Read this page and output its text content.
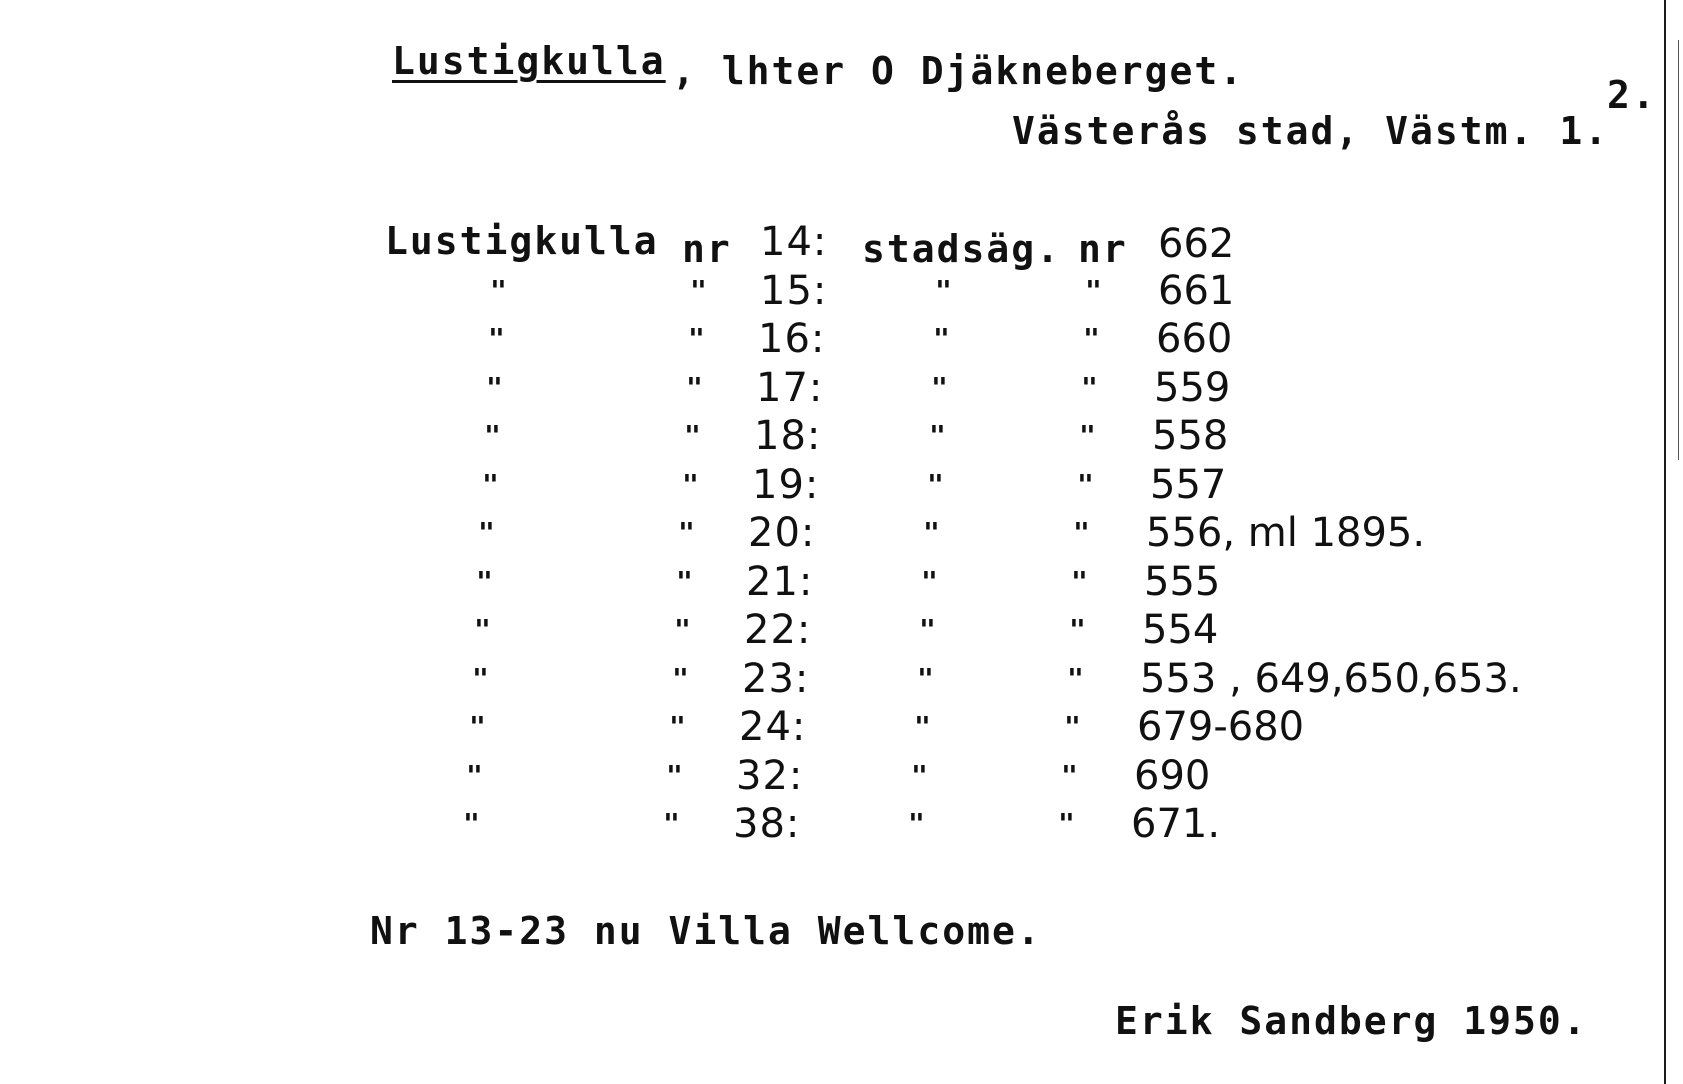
Lustigkulla , lhter O Djäkneberget.
2.
Västerås stad, Västm. 1.
Lustigkulla nr 14: stadsäg. nr 662
"	" 15:	"	" 661
"	" 16:	"	" 660
"	" 17:	"	" 559
"	" 18:	"	" 558
"	" 19:	"	" 557
"	" 20:	"	" 556, ml 1895.
"	" 21:	"	" 555
"	" 22:	"	" 554
"	" 23:	"	" 553 , 649,650,653.
"	" 24:	"	" 679-680
"	" 32:	"	" 690
"	" 38:	"	" 671.
Nr 13-23 nu Villa Wellcome.
Erik Sandberg 1950.
